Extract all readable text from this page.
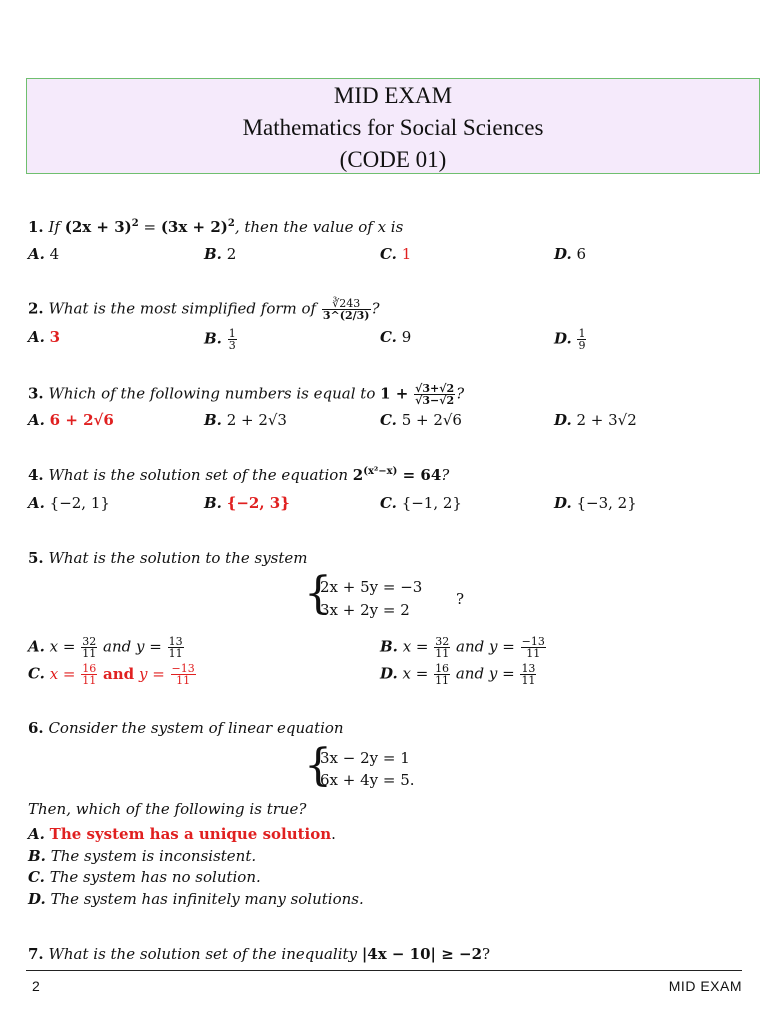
MID EXAM
Mathematics for Social Sciences
(CODE 01)
1. If $(2x + 3)^2 = (3x + 2)^2$, then the value of x is
A. 4	B. 2	C. 1	D. 6
2. What is the most simplified form of $\frac{∛243}{3\^{}(2/3)}$ ?
A. 3	B. $\frac{1}{3}$	C. 9	D. $\frac{1}{9}$
3. Which of the following numbers is equal to $1 + \frac{√3+√2}{√3-√2}$ ?
A. 6 + 2√6	B. 2 + 2√3	C. 5 + 2√6	D. 2 + 3√2
4. What is the solution set of the equation $2^{(x^2-x)} = 64$?
A. {−2, 1}	B. {−2, 3}	C. {−1, 2}	D. {−3, 2}
5. What is the solution to the system
{
2x + 5y = −3
3x + 2y = 2
?
A. $x = \frac{32}{11}$ and $y = \frac{13}{11}$	B. $x = \frac{32}{11}$ and $y = \frac{-13}{11}$
C. $x = \frac{16}{11}$ and $y = \frac{-13}{11}$	D. $x = \frac{16}{11}$ and $y = \frac{13}{11}$
6. Consider the system of linear equation
{
3x − 2y = 1
6x + 4y = 5.
Then, which of the following is true?
A. The system has a unique solution.
B. The system is inconsistent.
C. The system has no solution.
D. The system has infinitely many solutions.
7. What is the solution set of the inequality |4x − 10| ≥ −2?
2	MID EXAM
